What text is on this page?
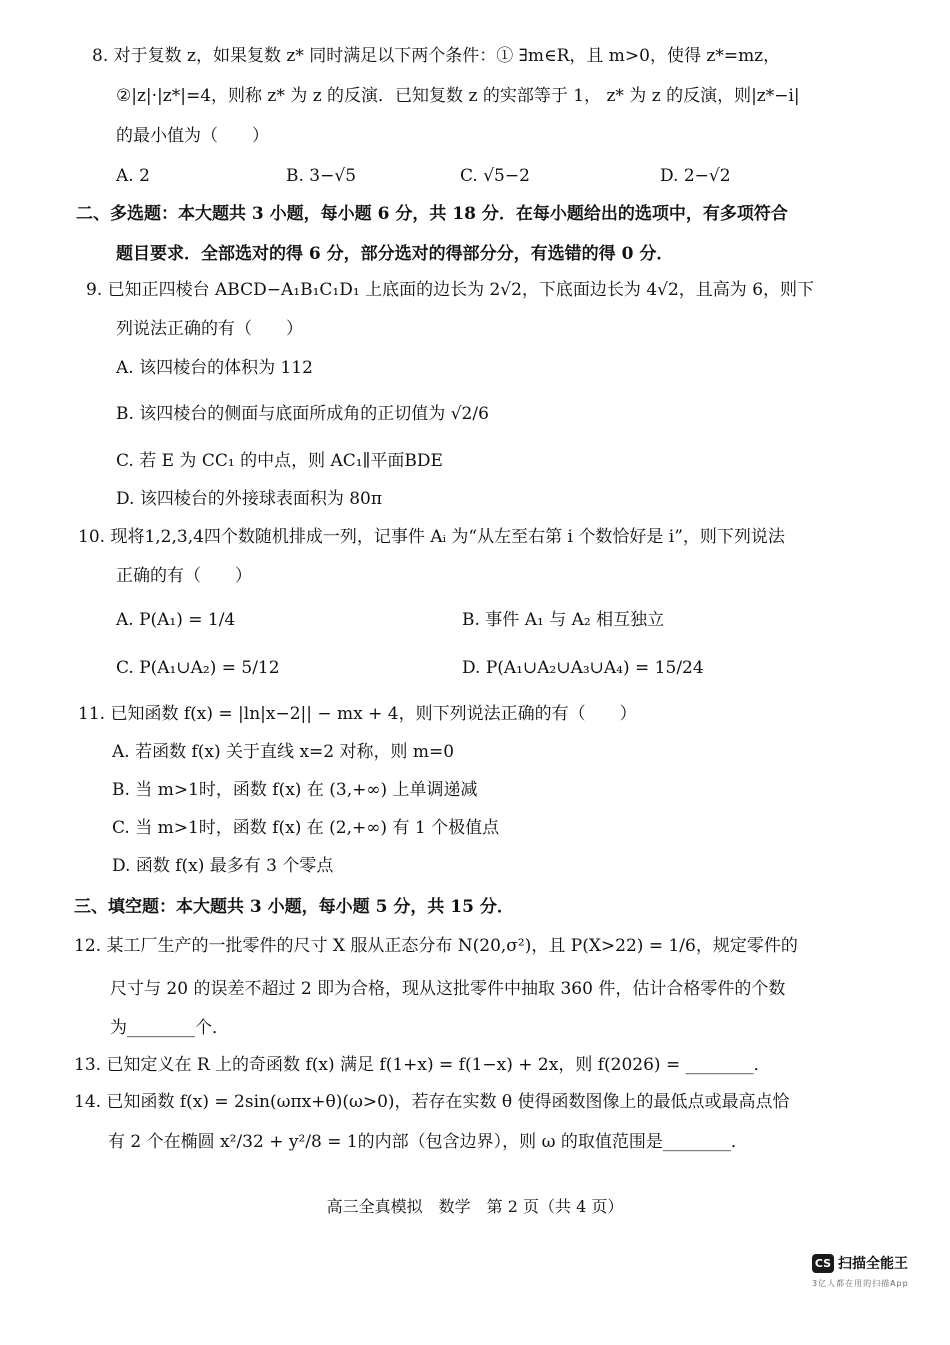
8. 对于复数 z，如果复数 z* 同时满足以下两个条件：① ∃m∈R，且 m>0，使得 z*=mz，
②|z|·|z*|=4，则称 z* 为 z 的反演．已知复数 z 的实部等于 1， z* 为 z 的反演，则|z*−i|
的最小值为（　　）
A. 2	B. 3−√5	C. √5−2	D. 2−√2
二、多选题：本大题共 3 小题，每小题 6 分，共 18 分．在每小题给出的选项中，有多项符合
题目要求．全部选对的得 6 分，部分选对的得部分分，有选错的得 0 分．
9. 已知正四棱台 ABCD−A₁B₁C₁D₁ 上底面的边长为 2√2，下底面边长为 4√2，且高为 6，则下
列说法正确的有（　　）
A. 该四棱台的体积为 112
B. 该四棱台的侧面与底面所成角的正切值为 √2/6
C. 若 E 为 CC₁ 的中点，则 AC₁∥平面BDE
D. 该四棱台的外接球表面积为 80π
10. 现将1,2,3,4四个数随机排成一列，记事件 Aᵢ 为“从左至右第 i 个数恰好是 i”，则下列说法
正确的有（　　）
A. P(A₁) = 1/4	B. 事件 A₁ 与 A₂ 相互独立
C. P(A₁∪A₂) = 5/12	D. P(A₁∪A₂∪A₃∪A₄) = 15/24
11. 已知函数 f(x) = |ln|x−2|| − mx + 4，则下列说法正确的有（　　）
A. 若函数 f(x) 关于直线 x=2 对称，则 m=0
B. 当 m>1时，函数 f(x) 在 (3,+∞) 上单调递减
C. 当 m>1时，函数 f(x) 在 (2,+∞) 有 1 个极值点
D. 函数 f(x) 最多有 3 个零点
三、填空题：本大题共 3 小题，每小题 5 分，共 15 分．
12. 某工厂生产的一批零件的尺寸 X 服从正态分布 N(20,σ²)，且 P(X>22) = 1/6，规定零件的
尺寸与 20 的误差不超过 2 即为合格，现从这批零件中抽取 360 件，估计合格零件的个数
为________个．
13. 已知定义在 R 上的奇函数 f(x) 满足 f(1+x) = f(1−x) + 2x，则 f(2026) = ________．
14. 已知函数 f(x) = 2sin(ωπx+θ)(ω>0)，若存在实数 θ 使得函数图像上的最低点或最高点恰
有 2 个在椭圆 x²/32 + y²/8 = 1的内部（包含边界），则 ω 的取值范围是________．
高三全真模拟　数学　第 2 页（共 4 页）
CS 扫描全能王
3亿人都在用的扫描App
